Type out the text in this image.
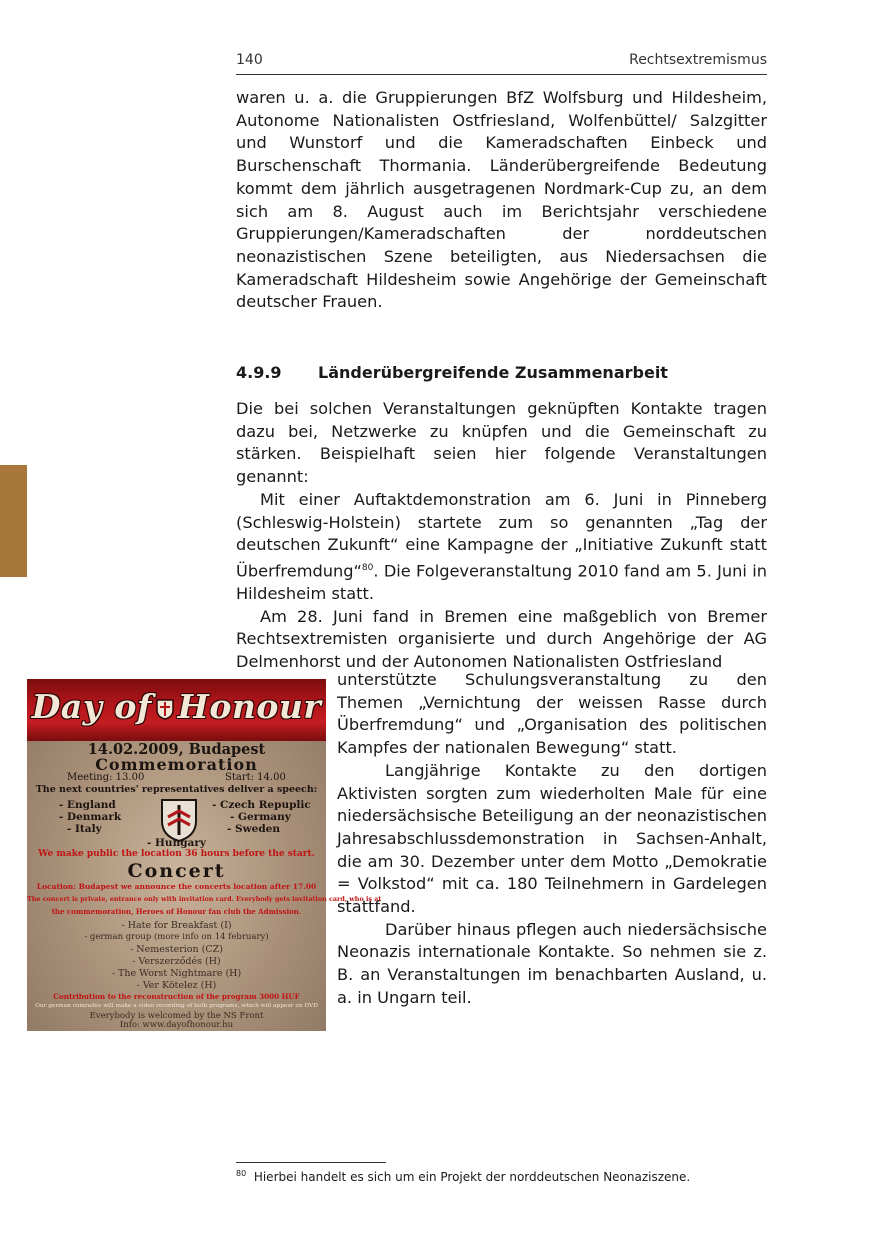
140	Rechtsextremismus

waren u. a. die Gruppierungen BfZ Wolfsburg und Hildesheim, Autonome Nationalisten Ostfriesland, Wolfenbüttel/ Salzgitter und Wunstorf und die Kameradschaften Einbeck und Burschenschaft Thormania. Länderübergreifende Bedeutung kommt dem jährlich ausgetragenen Nordmark-Cup zu, an dem sich am 8. August auch im Berichtsjahr verschiedene Gruppierungen/Kameradschaften der norddeutschen neonazistischen Szene beteiligten, aus Niedersachsen die Kameradschaft Hildesheim sowie Angehörige der Gemeinschaft deutscher Frauen.

4.9.9 Länderübergreifende Zusammenarbeit

Die bei solchen Veranstaltungen geknüpften Kontakte tragen dazu bei, Netzwerke zu knüpfen und die Gemeinschaft zu stärken. Beispielhaft seien hier folgende Veranstaltungen genannt:

Mit einer Auftaktdemonstration am 6. Juni in Pinneberg (Schleswig-Holstein) startete zum so genannten „Tag der deutschen Zukunft“ eine Kampagne der „Initiative Zukunft statt Überfremdung“$^{80}$. Die Folgeveranstaltung 2010 fand am 5. Juni in Hildesheim statt.

Am 28. Juni fand in Bremen eine maßgeblich von Bremer Rechtsextremisten organisierte und durch Angehörige der AG Delmenhorst und der Autonomen Nationalisten Ostfriesland

unterstützte Schulungsveranstaltung zu den Themen „Vernichtung der weissen Rasse durch Überfremdung“ und „Organisation des politischen Kampfes der nationalen Bewegung“ statt.

Langjährige Kontakte zu den dortigen Aktivisten sorgten zum wiederholten Male für eine niedersächsische Beteiligung an der neonazistischen Jahresabschlussdemonstration in Sachsen-Anhalt, die am 30. Dezember unter dem Motto „Demokratie = Volkstod“ mit ca. 180 Teilnehmern in Gardelegen stattfand.

Darüber hinaus pflegen auch niedersächsische Neonazis internationale Kontakte. So nehmen sie z. B. an Veranstaltungen im benachbarten Ausland, u. a. in Ungarn teil.

Day of Honour
14.02.2009, Budapest
Commemoration
Meeting: 13.00	Start: 14.00
The next countries' representatives deliver a speech:
- England
- Denmark
- Italy
- Czech Repuplic
- Germany
- Sweden
- Hungary
We make public the location 36 hours before the start.
Concert
Location: Budapest we announce the concerts location after 17.00
The concert is private, entrance only with invitation card. Everybody gets invitation card, who is at
the commemoration, Heroes of Honour fan club the Admission.
- Hate for Breakfast (I)
- german group (more info on 14 february)
- Nemesterion (CZ)
- Verszerződés (H)
- The Worst Nightmare (H)
- Ver Kötelez (H)
Contribution to the reconstruction of the program 3000 HUF
Our german comrades will make a video recording of both programs, which will appear on DVD
Everybody is welcomed by the NS Front
Info: www.dayofhonour.hu
$^{80}$ Hierbei handelt es sich um ein Projekt der norddeutschen Neonaziszene.
